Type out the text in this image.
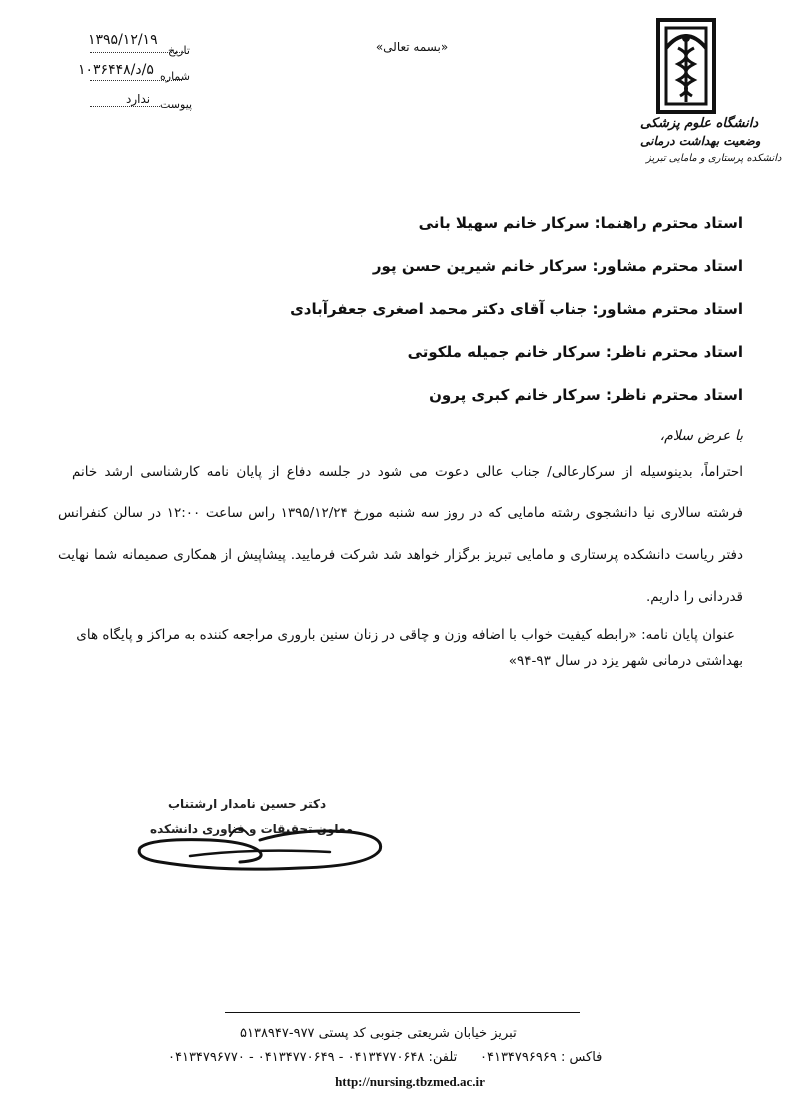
دانشگاه علوم پزشکی
وضعیت بهداشت درمانی
دانشکده پرستاری و مامایی تبریز
«بسمه تعالی»
تاریخ
۱۳۹۵/۱۲/۱۹
شماره
۵/د/۱۰۳۶۴۴۸
پیوست
ندارد
استاد محترم راهنما: سرکار خانم سهیلا بانی
استاد محترم مشاور: سرکار خانم شیرین حسن پور
استاد محترم مشاور: جناب آقای دکتر محمد اصغری جعفرآبادی
استاد محترم ناظر: سرکار خانم جمیله ملکوتی
استاد محترم ناظر: سرکار خانم کبری پرون
با عرض سلام،
احتراماً، بدینوسیله از سرکارعالی/ جناب عالی دعوت می شود در جلسه دفاع از پایان نامه کارشناسی ارشد خانم
فرشته سالاری نیا دانشجوی رشته مامایی که در روز سه شنبه مورخ ۱۳۹۵/۱۲/۲۴ راس ساعت ۱۲:۰۰ در سالن کنفرانس
دفتر ریاست دانشکده پرستاری و مامایی تبریز برگزار خواهد شد شرکت فرمایید. پیشاپیش از همکاری صمیمانه شما نهایت
قدردانی را داریم.
عنوان پایان نامه: «رابطه کیفیت خواب با اضافه وزن و چاقی در زنان سنین باروری مراجعه کننده به مراکز و پایگاه های
بهداشتی درمانی شهر یزد در سال ۹۳-۹۴»
دکتر حسین نامدار ارشتناب
معاون تحقیقات و فناوری دانشکده
تبریز خیابان شریعتی جنوبی کد پستی ۹۷۷-۵۱۳۸۹۴۷
فاکس : ۰۴۱۳۴۷۹۶۹۶۹
تلفن: ۰۴۱۳۴۷۷۰۶۴۸ - ۰۴۱۳۴۷۷۰۶۴۹ - ۰۴۱۳۴۷۹۶۷۷۰
http://nursing.tbzmed.ac.ir
